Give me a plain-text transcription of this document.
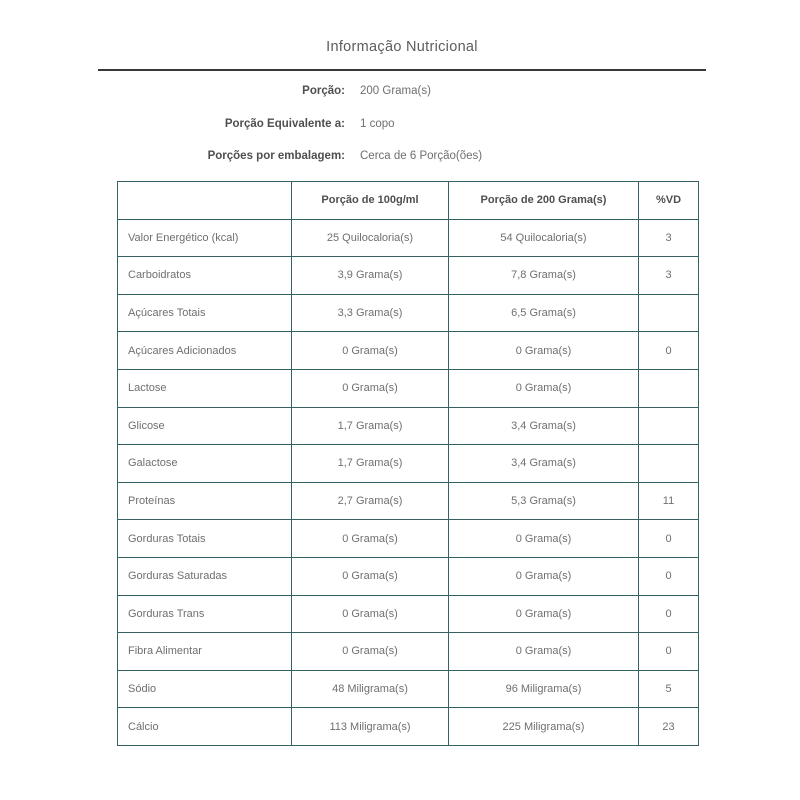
Informação Nutricional
Porção: 200 Grama(s)
Porção Equivalente a: 1 copo
Porções por embalagem: Cerca de 6 Porção(ões)
	Porção de 100g/ml	Porção de 200 Grama(s)	%VD
Valor Energético (kcal)	25 Quilocaloria(s)	54 Quilocaloria(s)	3
Carboidratos	3,9 Grama(s)	7,8 Grama(s)	3
Açúcares Totais	3,3 Grama(s)	6,5 Grama(s)	
Açúcares Adicionados	0 Grama(s)	0 Grama(s)	0
Lactose	0 Grama(s)	0 Grama(s)	
Glicose	1,7 Grama(s)	3,4 Grama(s)	
Galactose	1,7 Grama(s)	3,4 Grama(s)	
Proteínas	2,7 Grama(s)	5,3 Grama(s)	11
Gorduras Totais	0 Grama(s)	0 Grama(s)	0
Gorduras Saturadas	0 Grama(s)	0 Grama(s)	0
Gorduras Trans	0 Grama(s)	0 Grama(s)	0
Fibra Alimentar	0 Grama(s)	0 Grama(s)	0
Sódio	48 Miligrama(s)	96 Miligrama(s)	5
Cálcio	113 Miligrama(s)	225 Miligrama(s)	23
